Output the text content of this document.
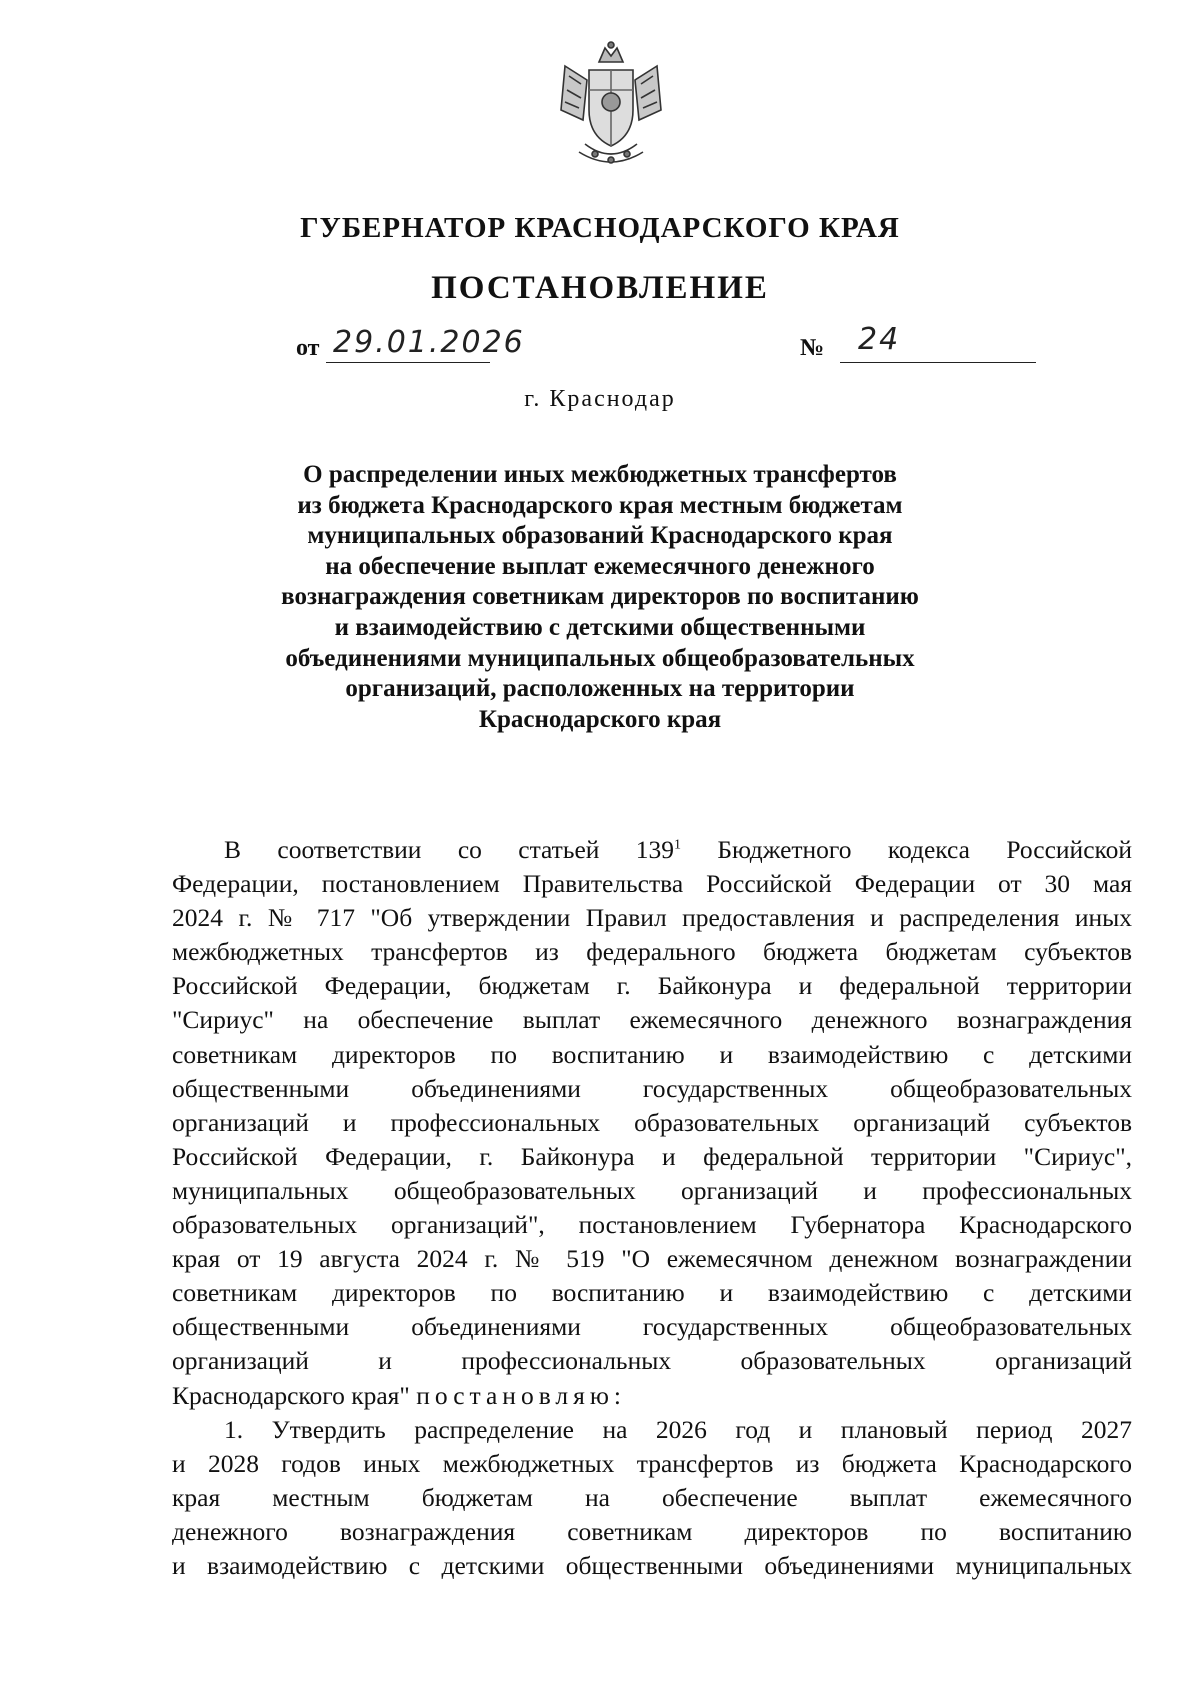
ГУБЕРНАТОР КРАСНОДАРСКОГО КРАЯ
ПОСТАНОВЛЕНИЕ
от 29.01.2026	№ 24
г. Краснодар
О распределении иных межбюджетных трансфертов
из бюджета Краснодарского края местным бюджетам
муниципальных образований Краснодарского края
на обеспечение выплат ежемесячного денежного
вознаграждения советникам директоров по воспитанию
и взаимодействию с детскими общественными
объединениями муниципальных общеобразовательных
организаций, расположенных на территории
Краснодарского края
В соответствии со статьей $139^1$ Бюджетного кодекса Российской
Федерации, постановлением Правительства Российской Федерации от 30 мая
2024 г. № 717 "Об утверждении Правил предоставления и распределения иных
межбюджетных трансфертов из федерального бюджета бюджетам субъектов
Российской Федерации, бюджетам г. Байконура и федеральной территории
"Сириус" на обеспечение выплат ежемесячного денежного вознаграждения
советникам директоров по воспитанию и взаимодействию с детскими
общественными объединениями государственных общеобразовательных
организаций и профессиональных образовательных организаций субъектов
Российской Федерации, г. Байконура и федеральной территории "Сириус",
муниципальных общеобразовательных организаций и профессиональных
образовательных организаций", постановлением Губернатора Краснодарского
края от 19 августа 2024 г. № 519 "О ежемесячном денежном вознаграждении
советникам директоров по воспитанию и взаимодействию с детскими
общественными объединениями государственных общеобразовательных
организаций и профессиональных образовательных организаций
Краснодарского края" постановляю:
1. Утвердить распределение на 2026 год и плановый период 2027
и 2028 годов иных межбюджетных трансфертов из бюджета Краснодарского
края местным бюджетам на обеспечение выплат ежемесячного
денежного вознаграждения советникам директоров по воспитанию
и взаимодействию с детскими общественными объединениями муниципальных
